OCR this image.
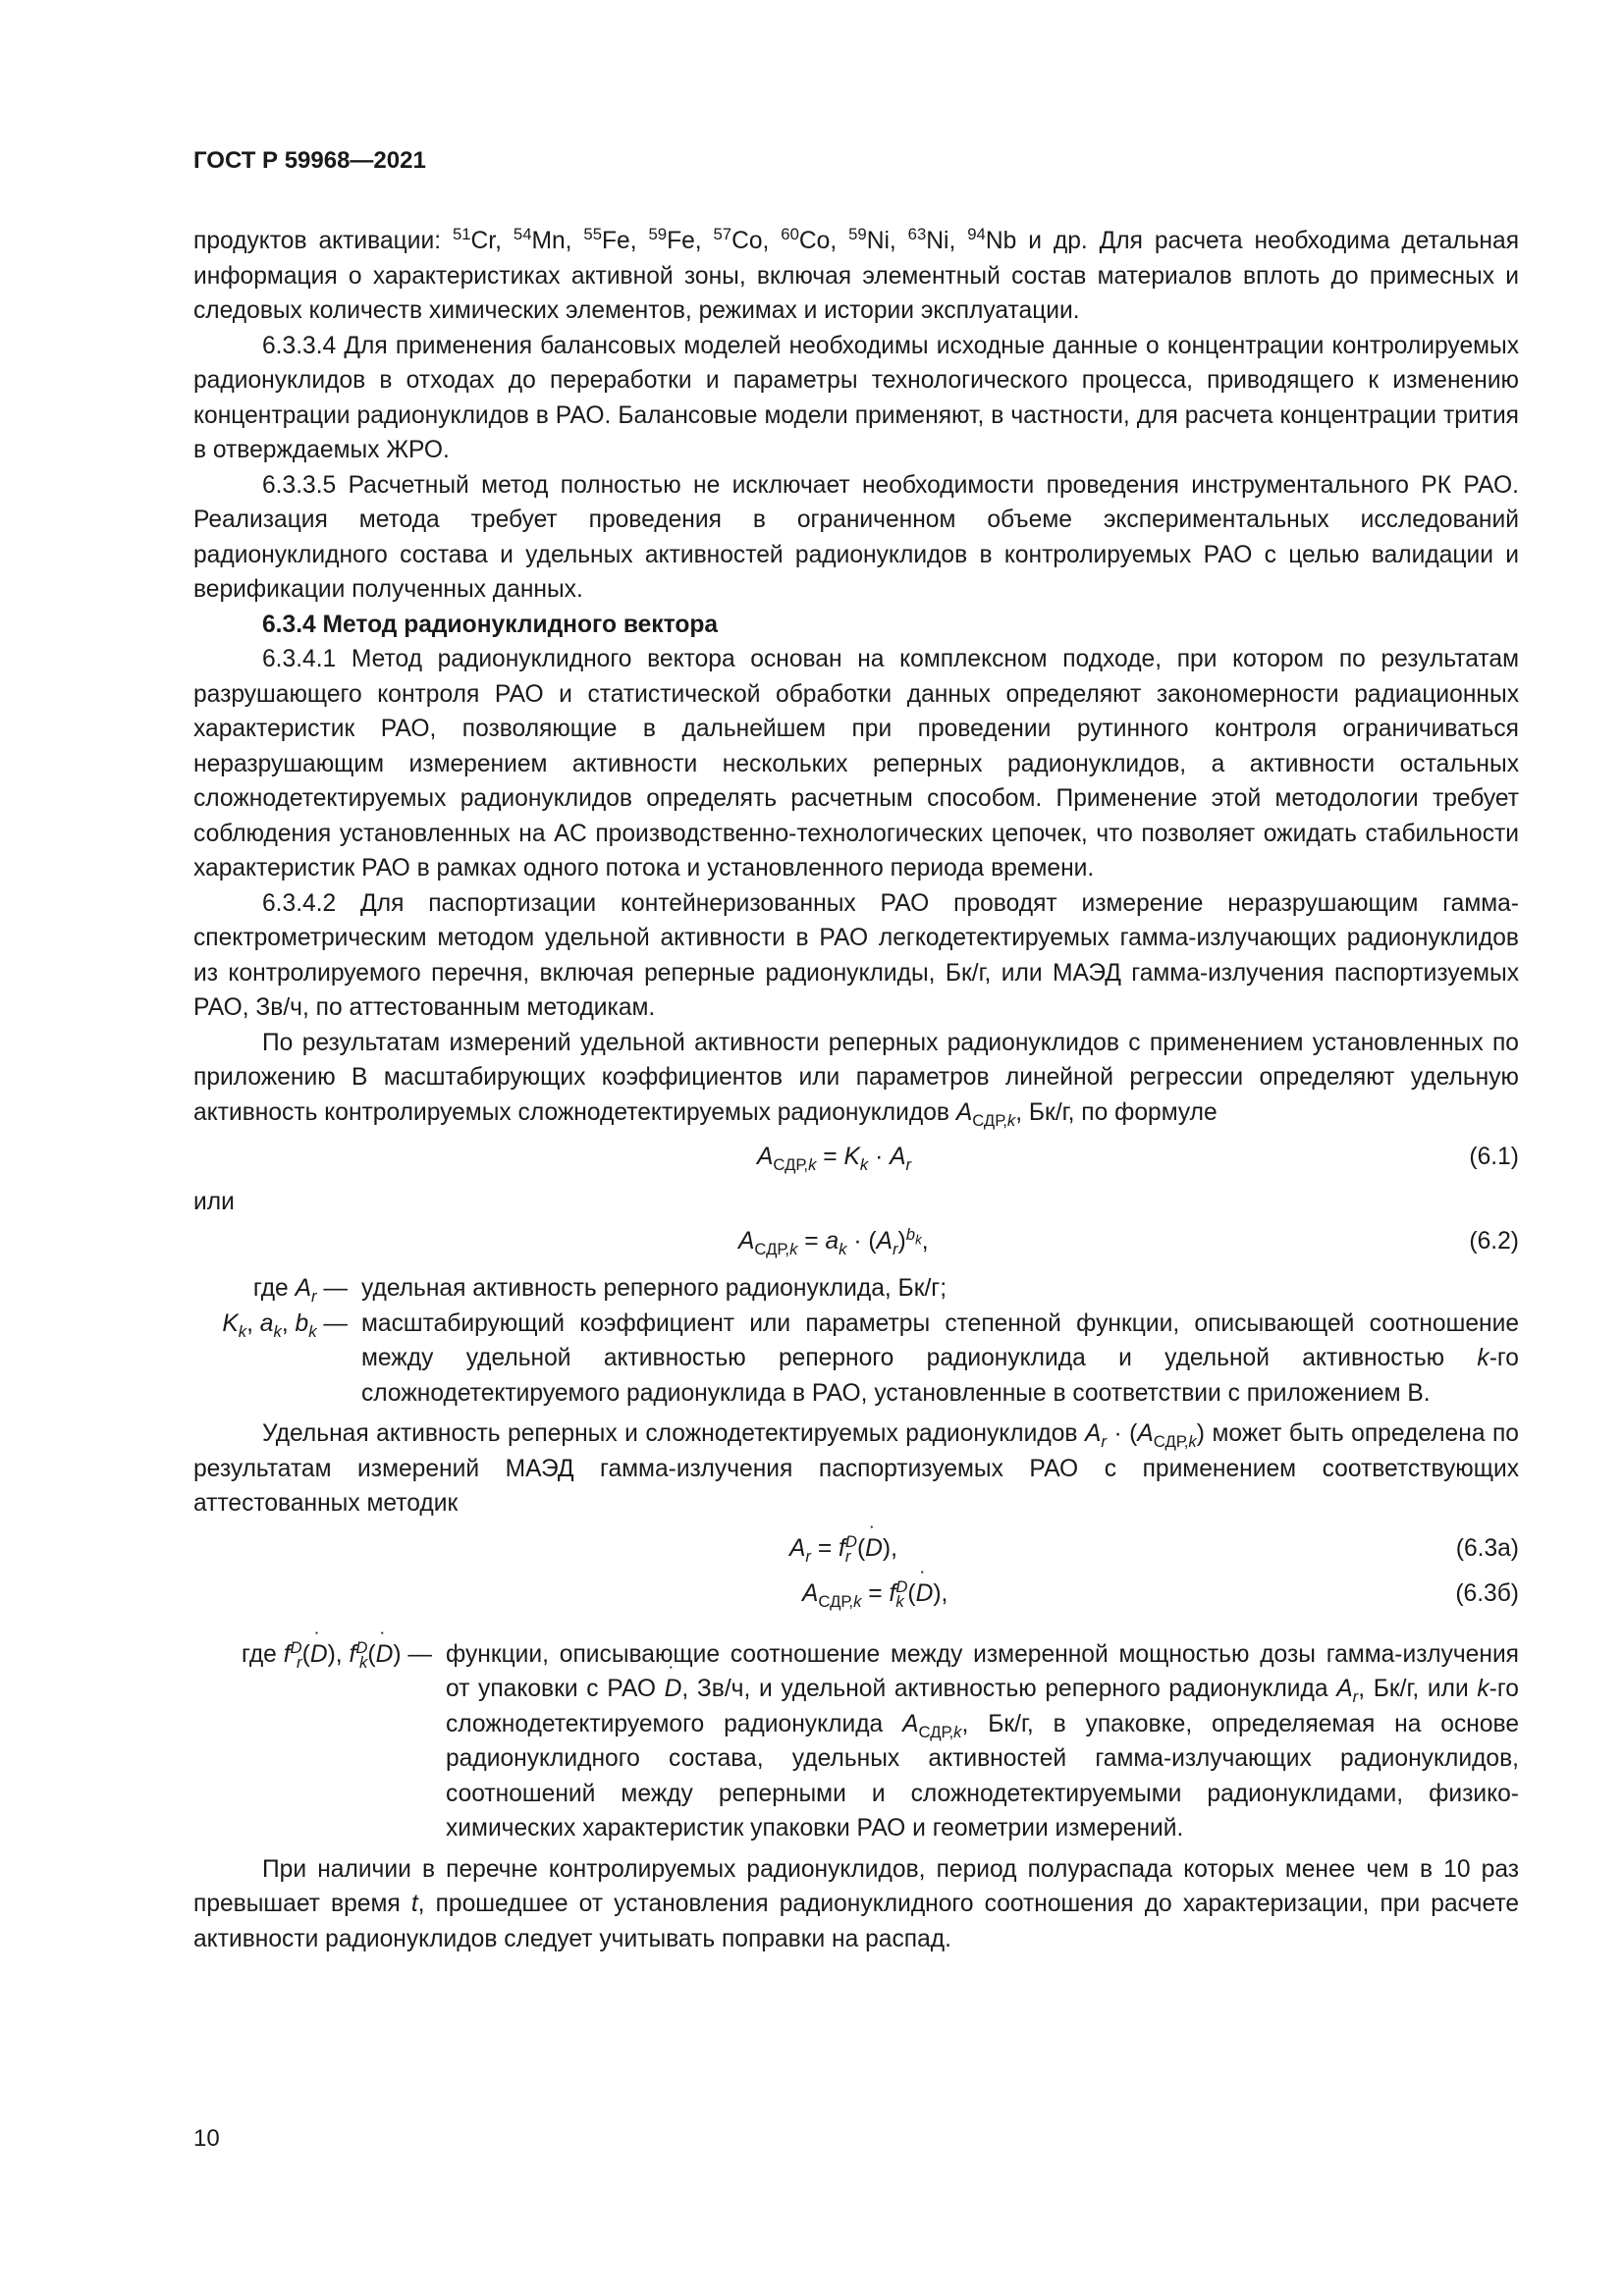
ГОСТ Р 59968—2021

продуктов активации: $^{51}$Cr, $^{54}$Mn, $^{55}$Fe, $^{59}$Fe, $^{57}$Co, $^{60}$Co, $^{59}$Ni, $^{63}$Ni, $^{94}$Nb и др. Для расчета необходима детальная информация о характеристиках активной зоны, включая элементный состав материалов вплоть до примесных и следовых количеств химических элементов, режимах и истории эксплуатации.

6.3.3.4 Для применения балансовых моделей необходимы исходные данные о концентрации контролируемых радионуклидов в отходах до переработки и параметры технологического процесса, приводящего к изменению концентрации радионуклидов в РАО. Балансовые модели применяют, в частности, для расчета концентрации трития в отверждаемых ЖРО.

6.3.3.5 Расчетный метод полностью не исключает необходимости проведения инструментального РК РАО. Реализация метода требует проведения в ограниченном объеме экспериментальных исследований радионуклидного состава и удельных активностей радионуклидов в контролируемых РАО с целью валидации и верификации полученных данных.

6.3.4 Метод радионуклидного вектора

6.3.4.1 Метод радионуклидного вектора основан на комплексном подходе, при котором по результатам разрушающего контроля РАО и статистической обработки данных определяют закономерности радиационных характеристик РАО, позволяющие в дальнейшем при проведении рутинного контроля ограничиваться неразрушающим измерением активности нескольких реперных радионуклидов, а активности остальных сложнодетектируемых радионуклидов определять расчетным способом. Применение этой методологии требует соблюдения установленных на АС производственно-технологических цепочек, что позволяет ожидать стабильности характеристик РАО в рамках одного потока и установленного периода времени.

6.3.4.2 Для паспортизации контейнеризованных РАО проводят измерение неразрушающим гамма-спектрометрическим методом удельной активности в РАО легкодетектируемых гамма-излучающих радионуклидов из контролируемого перечня, включая реперные радионуклиды, Бк/г, или МАЭД гамма-излучения паспортизуемых РАО, Зв/ч, по аттестованным методикам.

По результатам измерений удельной активности реперных радионуклидов с применением установленных по приложению В масштабирующих коэффициентов или параметров линейной регрессии определяют удельную активность контролируемых сложнодетектируемых радионуклидов $A_{СДР,k}$, Бк/г, по формуле

$A_{СДР,k} = K_k \cdot A_r$	(6.1)

или

$A_{СДР,k} = a_k \cdot (A_r)^{b_k}$,	(6.2)
где $A_r$ — удельная активность реперного радионуклида, Бк/г;
$K_k$, $a_k$, $b_k$ — масштабирующий коэффициент или параметры степенной функции, описывающей соотношение между удельной активностью реперного радионуклида и удельной активностью k-го сложнодетектируемого радионуклида в РАО, установленные в соответствии с приложением В.

Удельная активность реперных и сложнодетектируемых радионуклидов $A_r \cdot (A_{СДР,k})$ может быть определена по результатам измерений МАЭД гамма-излучения паспортизуемых РАО с применением соответствующих аттестованных методик

$A_r = f$ D
r (D ˙),	(6.3а)
$A_{СДР,k} = f$ D
k (D ˙),	(6.3б)
где f D
r (D ˙), f D
k (D ˙) — функции, описывающие соотношение между измеренной мощностью дозы гамма-излучения от упаковки с РАО D ˙, Зв/ч, и удельной активностью реперного радионуклида $A_r$, Бк/г, или k-го сложнодетектируемого радионуклида $A_{СДР,k}$, Бк/г, в упаковке, определяемая на основе радионуклидного состава, удельных активностей гамма-излучающих радионуклидов, соотношений между реперными и сложнодетектируемыми радионуклидами, физико-химических характеристик упаковки РАО и геометрии измерений.

При наличии в перечне контролируемых радионуклидов, период полураспада которых менее чем в 10 раз превышает время t, прошедшее от установления радионуклидного соотношения до характеризации, при расчете активности радионуклидов следует учитывать поправки на распад.

10
